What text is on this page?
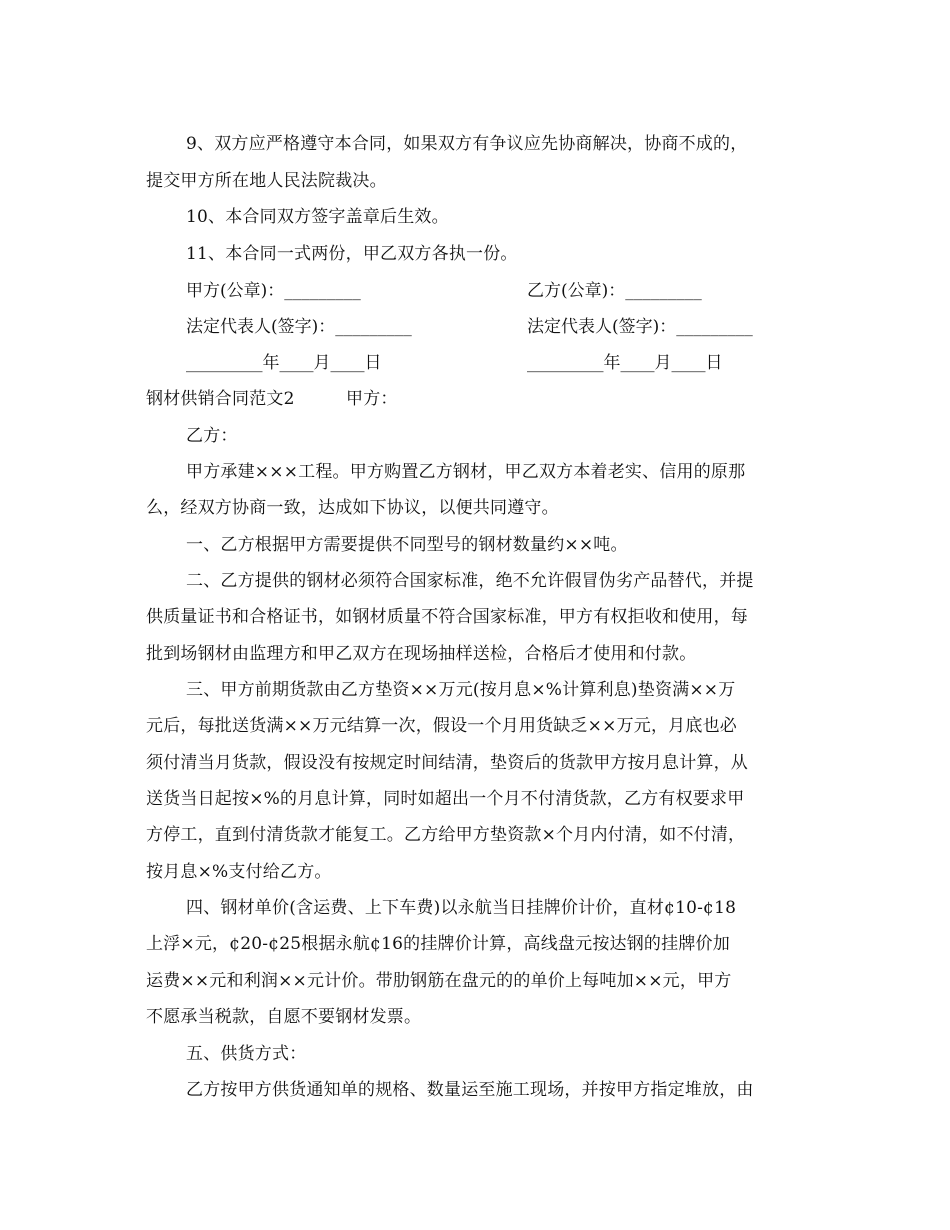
9、双方应严格遵守本合同，如果双方有争议应先协商解决，协商不成的，
提交甲方所在地人民法院裁决。
10、本合同双方签字盖章后生效。
11、本合同一式两份，甲乙双方各执一份。
甲方(公章)：_________	乙方(公章)：_________
法定代表人(签字)：_________	法定代表人(签字)：_________
_________年____月____日	_________年____月____日
钢材供销合同范文2	甲方：
乙方：
甲方承建×××工程。甲方购置乙方钢材，甲乙双方本着老实、信用的原那
么，经双方协商一致，达成如下协议，以便共同遵守。
一、乙方根据甲方需要提供不同型号的钢材数量约××吨。
二、乙方提供的钢材必须符合国家标准，绝不允许假冒伪劣产品替代，并提
供质量证书和合格证书，如钢材质量不符合国家标准，甲方有权拒收和使用，每
批到场钢材由监理方和甲乙双方在现场抽样送检，合格后才使用和付款。
三、甲方前期货款由乙方垫资××万元(按月息×%计算利息)垫资满××万
元后，每批送货满××万元结算一次，假设一个月用货缺乏××万元，月底也必
须付清当月货款，假设没有按规定时间结清，垫资后的货款甲方按月息计算，从
送货当日起按×%的月息计算，同时如超出一个月不付清货款，乙方有权要求甲
方停工，直到付清货款才能复工。乙方给甲方垫资款×个月内付清，如不付清，
按月息×%支付给乙方。
四、钢材单价(含运费、上下车费)以永航当日挂牌价计价，直材¢10-¢18
上浮×元，¢20-¢25根据永航¢16的挂牌价计算，高线盘元按达钢的挂牌价加
运费××元和利润××元计价。带肋钢筋在盘元的的单价上每吨加××元，甲方
不愿承当税款，自愿不要钢材发票。
五、供货方式：
乙方按甲方供货通知单的规格、数量运至施工现场，并按甲方指定堆放，由
